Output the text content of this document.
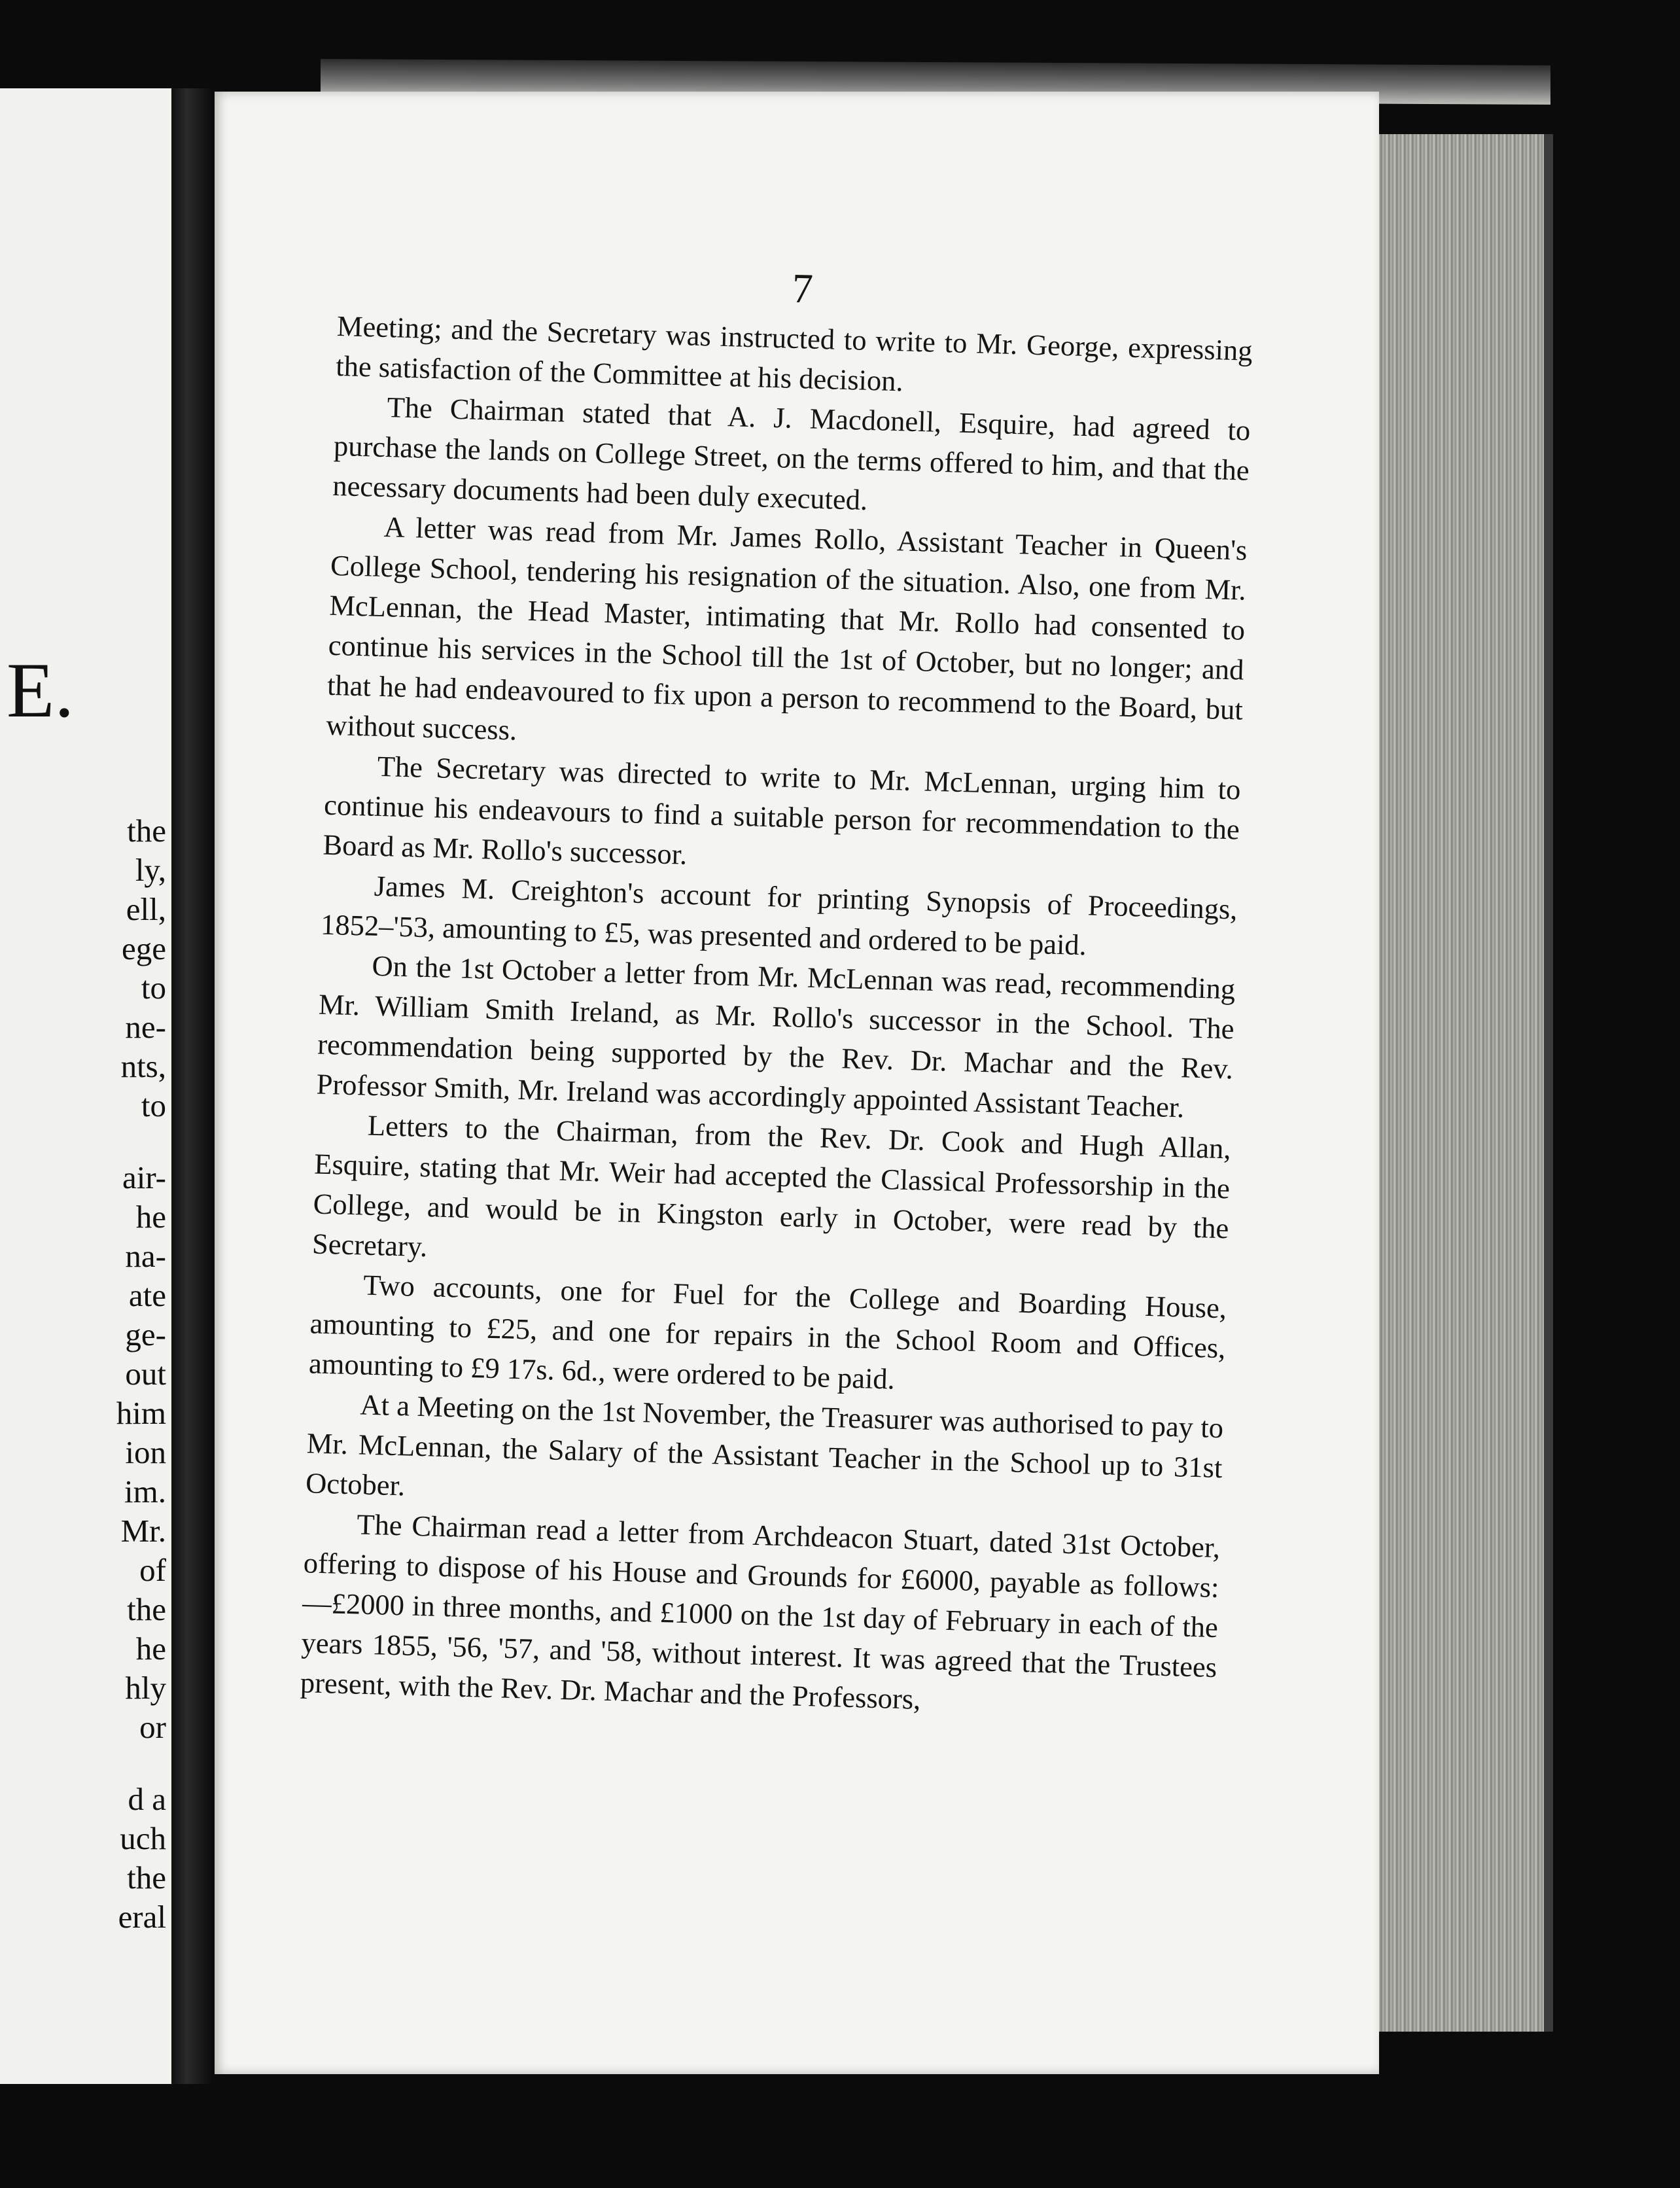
E.
the
ly,
ell,
ege
to
ne-
nts,
to
air-
he
na-
ate
ge-
out
him
ion
im.
Mr.
of
the
he
hly
or
d a
uch
the
eral
7

Meeting; and the Secretary was instructed to write to Mr. George, expressing the satisfaction of the Committee at his decision.

The Chairman stated that A. J. Macdonell, Esquire, had agreed to purchase the lands on College Street, on the terms offered to him, and that the necessary documents had been duly executed.

A letter was read from Mr. James Rollo, Assistant Teacher in Queen's College School, tendering his resignation of the situation. Also, one from Mr. McLennan, the Head Master, intimating that Mr. Rollo had consented to continue his services in the School till the 1st of October, but no longer; and that he had endeavoured to fix upon a person to recommend to the Board, but without success.

The Secretary was directed to write to Mr. McLennan, urging him to continue his endeavours to find a suitable person for recommendation to the Board as Mr. Rollo's successor.

James M. Creighton's account for printing Synopsis of Proceedings, 1852–'53, amounting to £5, was presented and ordered to be paid.

On the 1st October a letter from Mr. McLennan was read, recommending Mr. William Smith Ireland, as Mr. Rollo's successor in the School. The recommendation being supported by the Rev. Dr. Machar and the Rev. Professor Smith, Mr. Ireland was accordingly appointed Assistant Teacher.

Letters to the Chairman, from the Rev. Dr. Cook and Hugh Allan, Esquire, stating that Mr. Weir had accepted the Classical Professorship in the College, and would be in Kingston early in October, were read by the Secretary.

Two accounts, one for Fuel for the College and Boarding House, amounting to £25, and one for repairs in the School Room and Offices, amounting to £9 17s. 6d., were ordered to be paid.

At a Meeting on the 1st November, the Treasurer was authorised to pay to Mr. McLennan, the Salary of the Assistant Teacher in the School up to 31st October.

The Chairman read a letter from Archdeacon Stuart, dated 31st October, offering to dispose of his House and Grounds for £6000, payable as follows:—£2000 in three months, and £1000 on the 1st day of February in each of the years 1855, '56, '57, and '58, without interest. It was agreed that the Trustees present, with the Rev. Dr. Machar and the Professors,
